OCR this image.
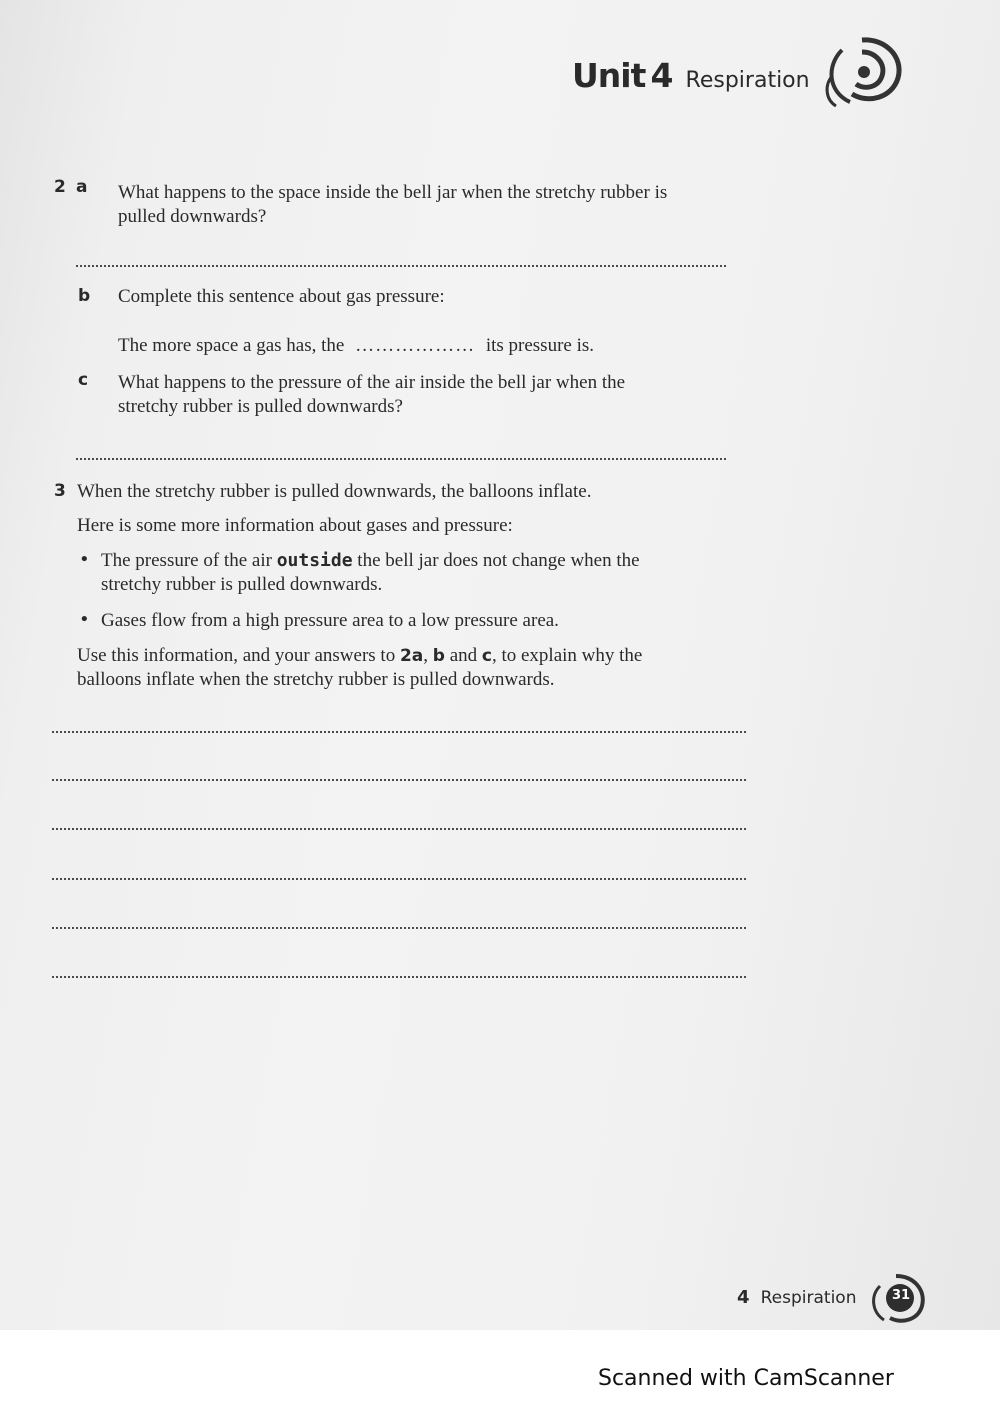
Unit 4 Respiration
2 a What happens to the space inside the bell jar when the stretchy rubber is
pulled downwards?
b Complete this sentence about gas pressure:
The more space a gas has, the ……………… its pressure is.
c What happens to the pressure of the air inside the bell jar when the
stretchy rubber is pulled downwards?
3 When the stretchy rubber is pulled downwards, the balloons inflate.
Here is some more information about gases and pressure:
• The pressure of the air outside the bell jar does not change when the
stretchy rubber is pulled downwards.
• Gases flow from a high pressure area to a low pressure area.
Use this information, and your answers to 2a, b and c, to explain why the
balloons inflate when the stretchy rubber is pulled downwards.
4 Respiration	31
Scanned with CamScanner
